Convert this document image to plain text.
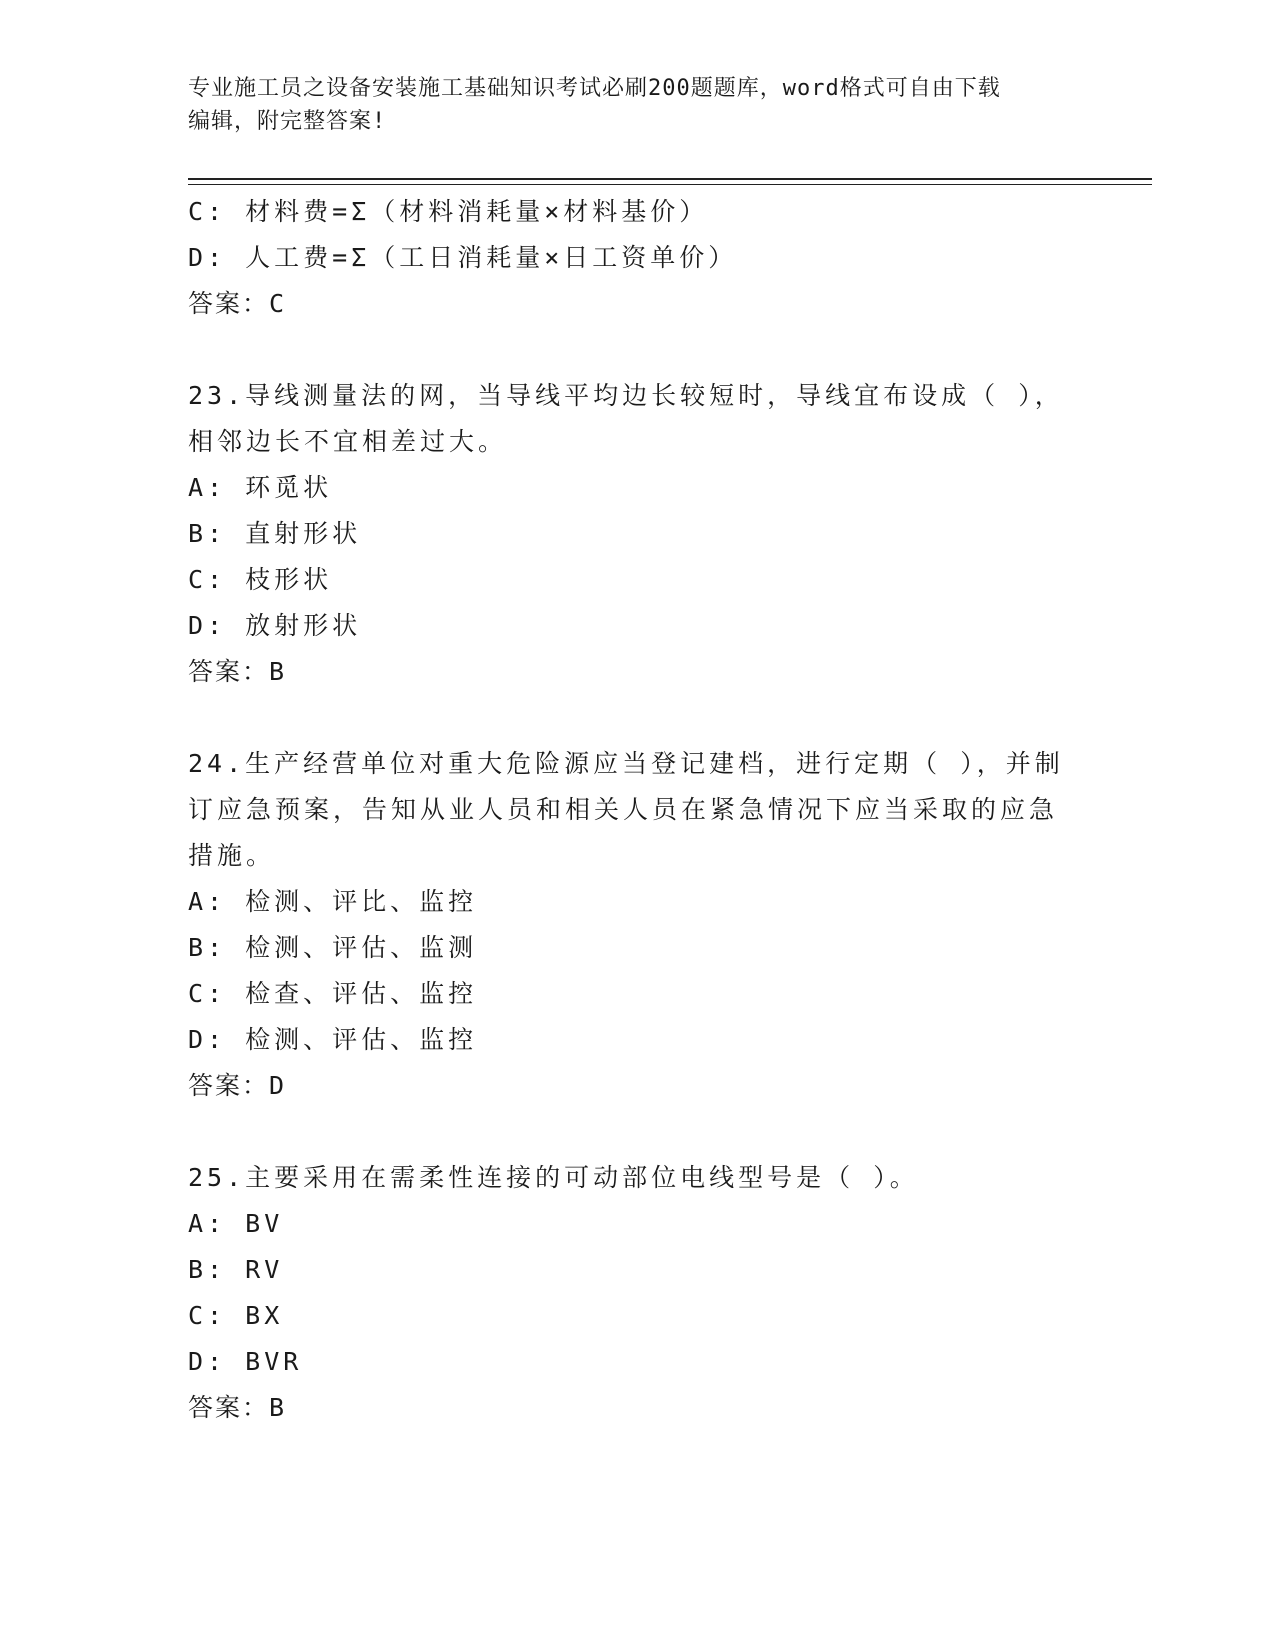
专业施工员之设备安装施工基础知识考试必刷200题题库，word格式可自由下载
编辑，附完整答案!
C: 材料费=Σ（材料消耗量×材料基价）
D: 人工费=Σ（工日消耗量×日工资单价）
答案：C
23.导线测量法的网，当导线平均边长较短时，导线宜布设成（ ），
相邻边长不宜相差过大。
A: 环觅状
B: 直射形状
C: 枝形状
D: 放射形状
答案：B
24.生产经营单位对重大危险源应当登记建档，进行定期（ ），并制
订应急预案，告知从业人员和相关人员在紧急情况下应当采取的应急
措施。
A: 检测、评比、监控
B: 检测、评估、监测
C: 检查、评估、监控
D: 检测、评估、监控
答案：D
25.主要采用在需柔性连接的可动部位电线型号是（ ）。
A: BV
B: RV
C: BX
D: BVR
答案：B
